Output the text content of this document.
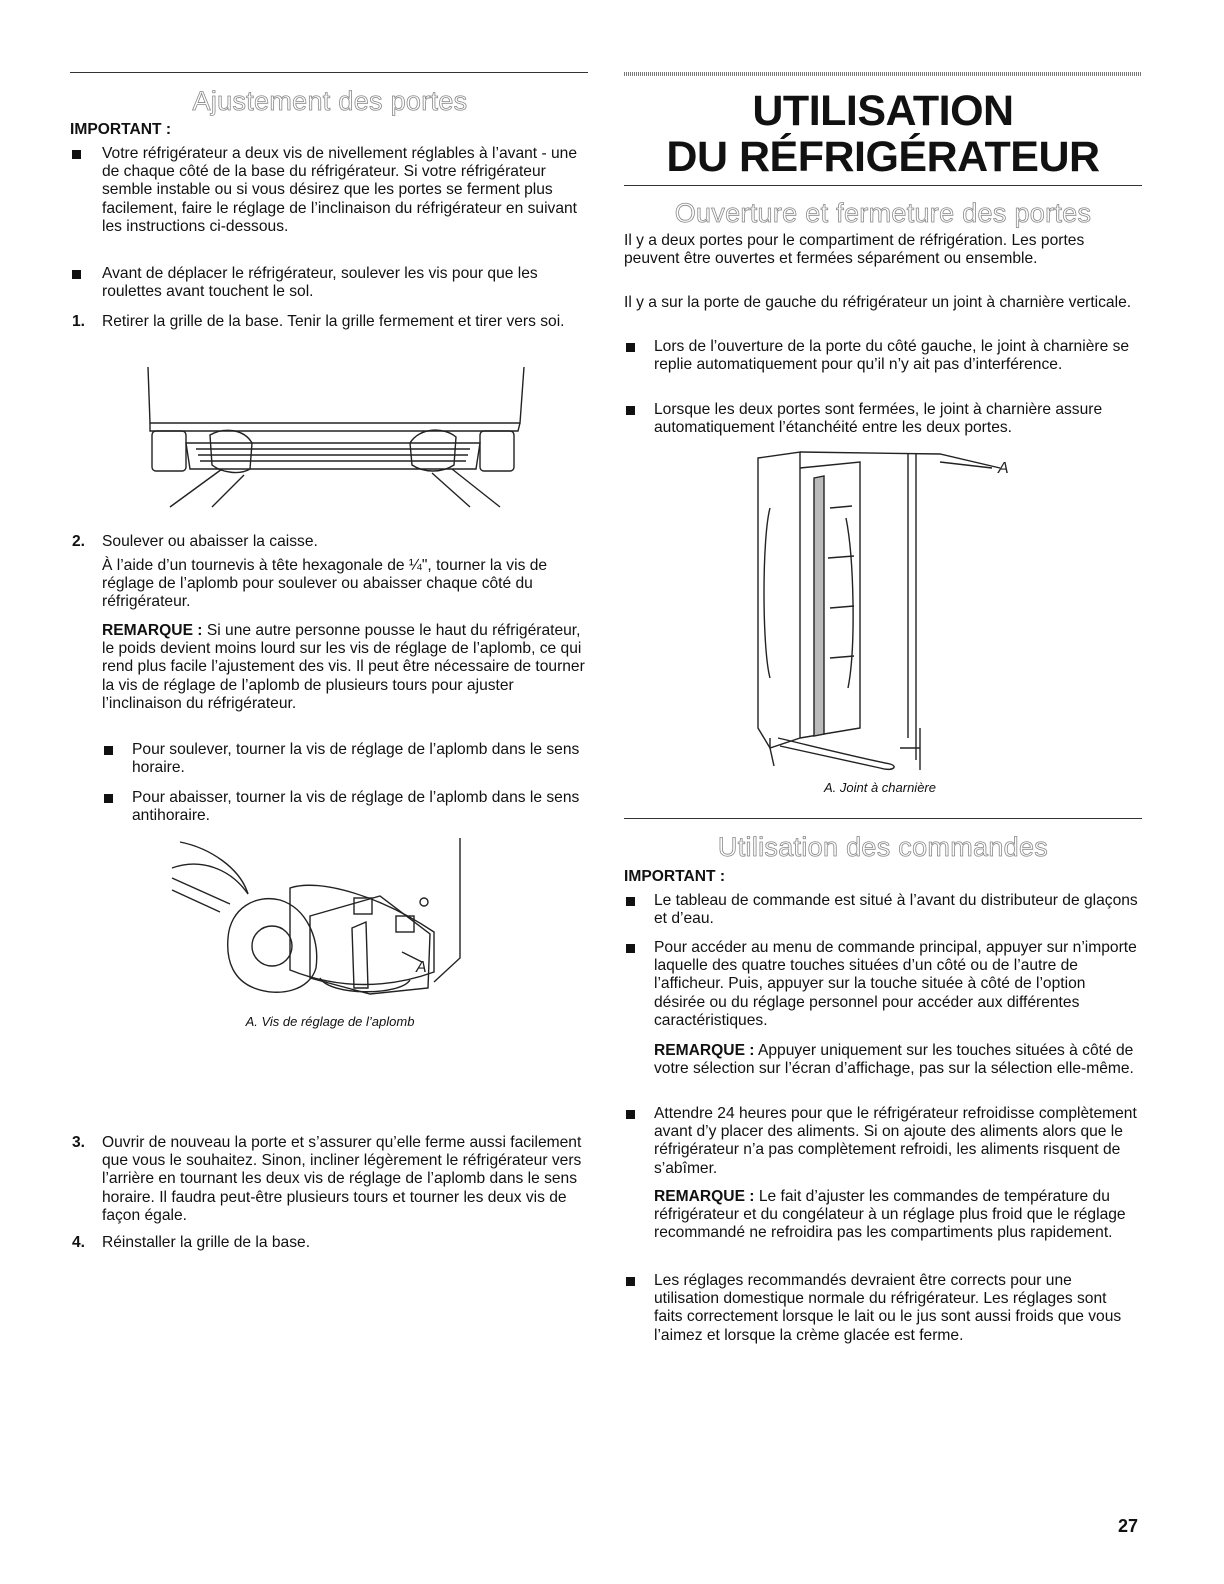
Ajustement des portes
IMPORTANT :
Votre réfrigérateur a deux vis de nivellement réglables à l’avant - une de chaque côté de la base du réfrigérateur. Si votre réfrigérateur semble instable ou si vous désirez que les portes se ferment plus facilement, faire le réglage de l’inclinaison du réfrigérateur en suivant les instructions ci-dessous.
Avant de déplacer le réfrigérateur, soulever les vis pour que les roulettes avant touchent le sol.
1. Retirer la grille de la base. Tenir la grille fermement et tirer vers soi.
2. Soulever ou abaisser la caisse.
À l’aide d’un tournevis à tête hexagonale de ¼", tourner la vis de réglage de l’aplomb pour soulever ou abaisser chaque côté du réfrigérateur.
REMARQUE : Si une autre personne pousse le haut du réfrigérateur, le poids devient moins lourd sur les vis de réglage de l’aplomb, ce qui rend plus facile l’ajustement des vis. Il peut être nécessaire de tourner la vis de réglage de l’aplomb de plusieurs tours pour ajuster l’inclinaison du réfrigérateur.
Pour soulever, tourner la vis de réglage de l’aplomb dans le sens horaire.
Pour abaisser, tourner la vis de réglage de l’aplomb dans le sens antihoraire.
A
A. Vis de réglage de l’aplomb
3. Ouvrir de nouveau la porte et s’assurer qu’elle ferme aussi facilement que vous le souhaitez. Sinon, incliner légèrement le réfrigérateur vers l’arrière en tournant les deux vis de réglage de l’aplomb dans le sens horaire. Il faudra peut-être plusieurs tours et tourner les deux vis de façon égale.
4. Réinstaller la grille de la base.
UTILISATION
DU RÉFRIGÉRATEUR
Ouverture et fermeture des portes
Il y a deux portes pour le compartiment de réfrigération. Les portes peuvent être ouvertes et fermées séparément ou ensemble.
Il y a sur la porte de gauche du réfrigérateur un joint à charnière verticale.
Lors de l’ouverture de la porte du côté gauche, le joint à charnière se replie automatiquement pour qu’il n’y ait pas d’interférence.
Lorsque les deux portes sont fermées, le joint à charnière assure automatiquement l’étanchéité entre les deux portes.
A
A. Joint à charnière
Utilisation des commandes
IMPORTANT :
Le tableau de commande est situé à l’avant du distributeur de glaçons et d’eau.
Pour accéder au menu de commande principal, appuyer sur n’importe laquelle des quatre touches situées d’un côté ou de l’autre de l’afficheur. Puis, appuyer sur la touche située à côté de l’option désirée ou du réglage personnel pour accéder aux différentes caractéristiques.
REMARQUE : Appuyer uniquement sur les touches situées à côté de votre sélection sur l’écran d’affichage, pas sur la sélection elle-même.
Attendre 24 heures pour que le réfrigérateur refroidisse complètement avant d’y placer des aliments. Si on ajoute des aliments alors que le réfrigérateur n’a pas complètement refroidi, les aliments risquent de s’abîmer.
REMARQUE : Le fait d’ajuster les commandes de température du réfrigérateur et du congélateur à un réglage plus froid que le réglage recommandé ne refroidira pas les compartiments plus rapidement.
Les réglages recommandés devraient être corrects pour une utilisation domestique normale du réfrigérateur. Les réglages sont faits correctement lorsque le lait ou le jus sont aussi froids que vous l’aimez et lorsque la crème glacée est ferme.
27
